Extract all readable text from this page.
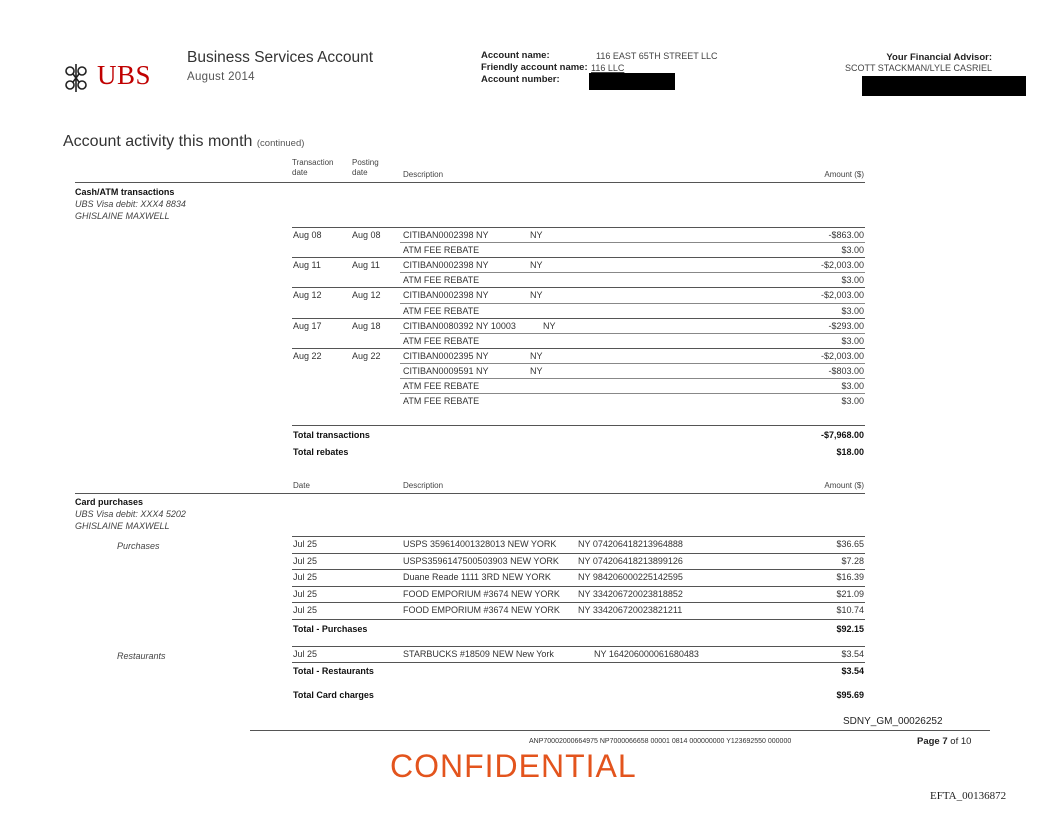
UBS
Business Services Account
August 2014
Account name:	116 EAST 65TH STREET LLC
Friendly account name: 116 LLC
Account number:
Your Financial Advisor:
SCOTT STACKMAN/LYLE CASRIEL
Account activity this month (continued)
Transaction date
Posting date	Description	Amount ($)
Cash/ATM transactions
UBS Visa debit: XXX4 8834
GHISLAINE MAXWELL
Aug 08	Aug 08 CITIBAN0002398 NY	NY	-$863.00
ATM FEE REBATE	$3.00
Aug 11	Aug 11	CITIBAN0002398 NY	NY	-$2,003.00
ATM FEE REBATE	$3.00
Aug 12	Aug 12 CITIBAN0002398 NY	NY	-$2,003.00
ATM FEE REBATE	$3.00
Aug 17	Aug 18 CITIBAN0080392 NY 10003	NY	-$293.00
ATM FEE REBATE	$3.00
Aug 22	Aug 22 CITIBAN0002395 NY	NY	-$2,003.00
CITIBAN0009591 NY	NY	-$803.00
ATM FEE REBATE	$3.00
ATM FEE REBATE	$3.00
Total transactions	-$7,968.00
Total rebates	$18.00
Date	Description	Amount ($)
Card purchases
UBS Visa debit: XXX4 5202
GHISLAINE MAXWELL
Purchases	Jul 25	USPS 359614001328013 NEW YORK NY 074206418213964888	$36.65
Jul 25	USPS3596147500503903 NEW YORK NY 074206418213899126	$7.28
Jul 25	Duane Reade 1111 3RD NEW YORK	NY 984206000225142595	$16.39
Jul 25	FOOD EMPORIUM #3674 NEW YORK NY 334206720023818852	$21.09
Jul 25	FOOD EMPORIUM #3674 NEW YORK NY 334206720023821211	$10.74
Total - Purchases	$92.15
Restaurants	Jul 25	STARBUCKS #18509 NEW New York	NY 164206000061680483	$3.54
Total - Restaurants	$3.54
Total Card charges	$95.69
SDNY_GM_00026252
ANP70002000664975 NP7000066658 00001 0814 000000000 Y123692550 000000	Page 7 of 10
CONFIDENTIAL
EFTA_00136872
